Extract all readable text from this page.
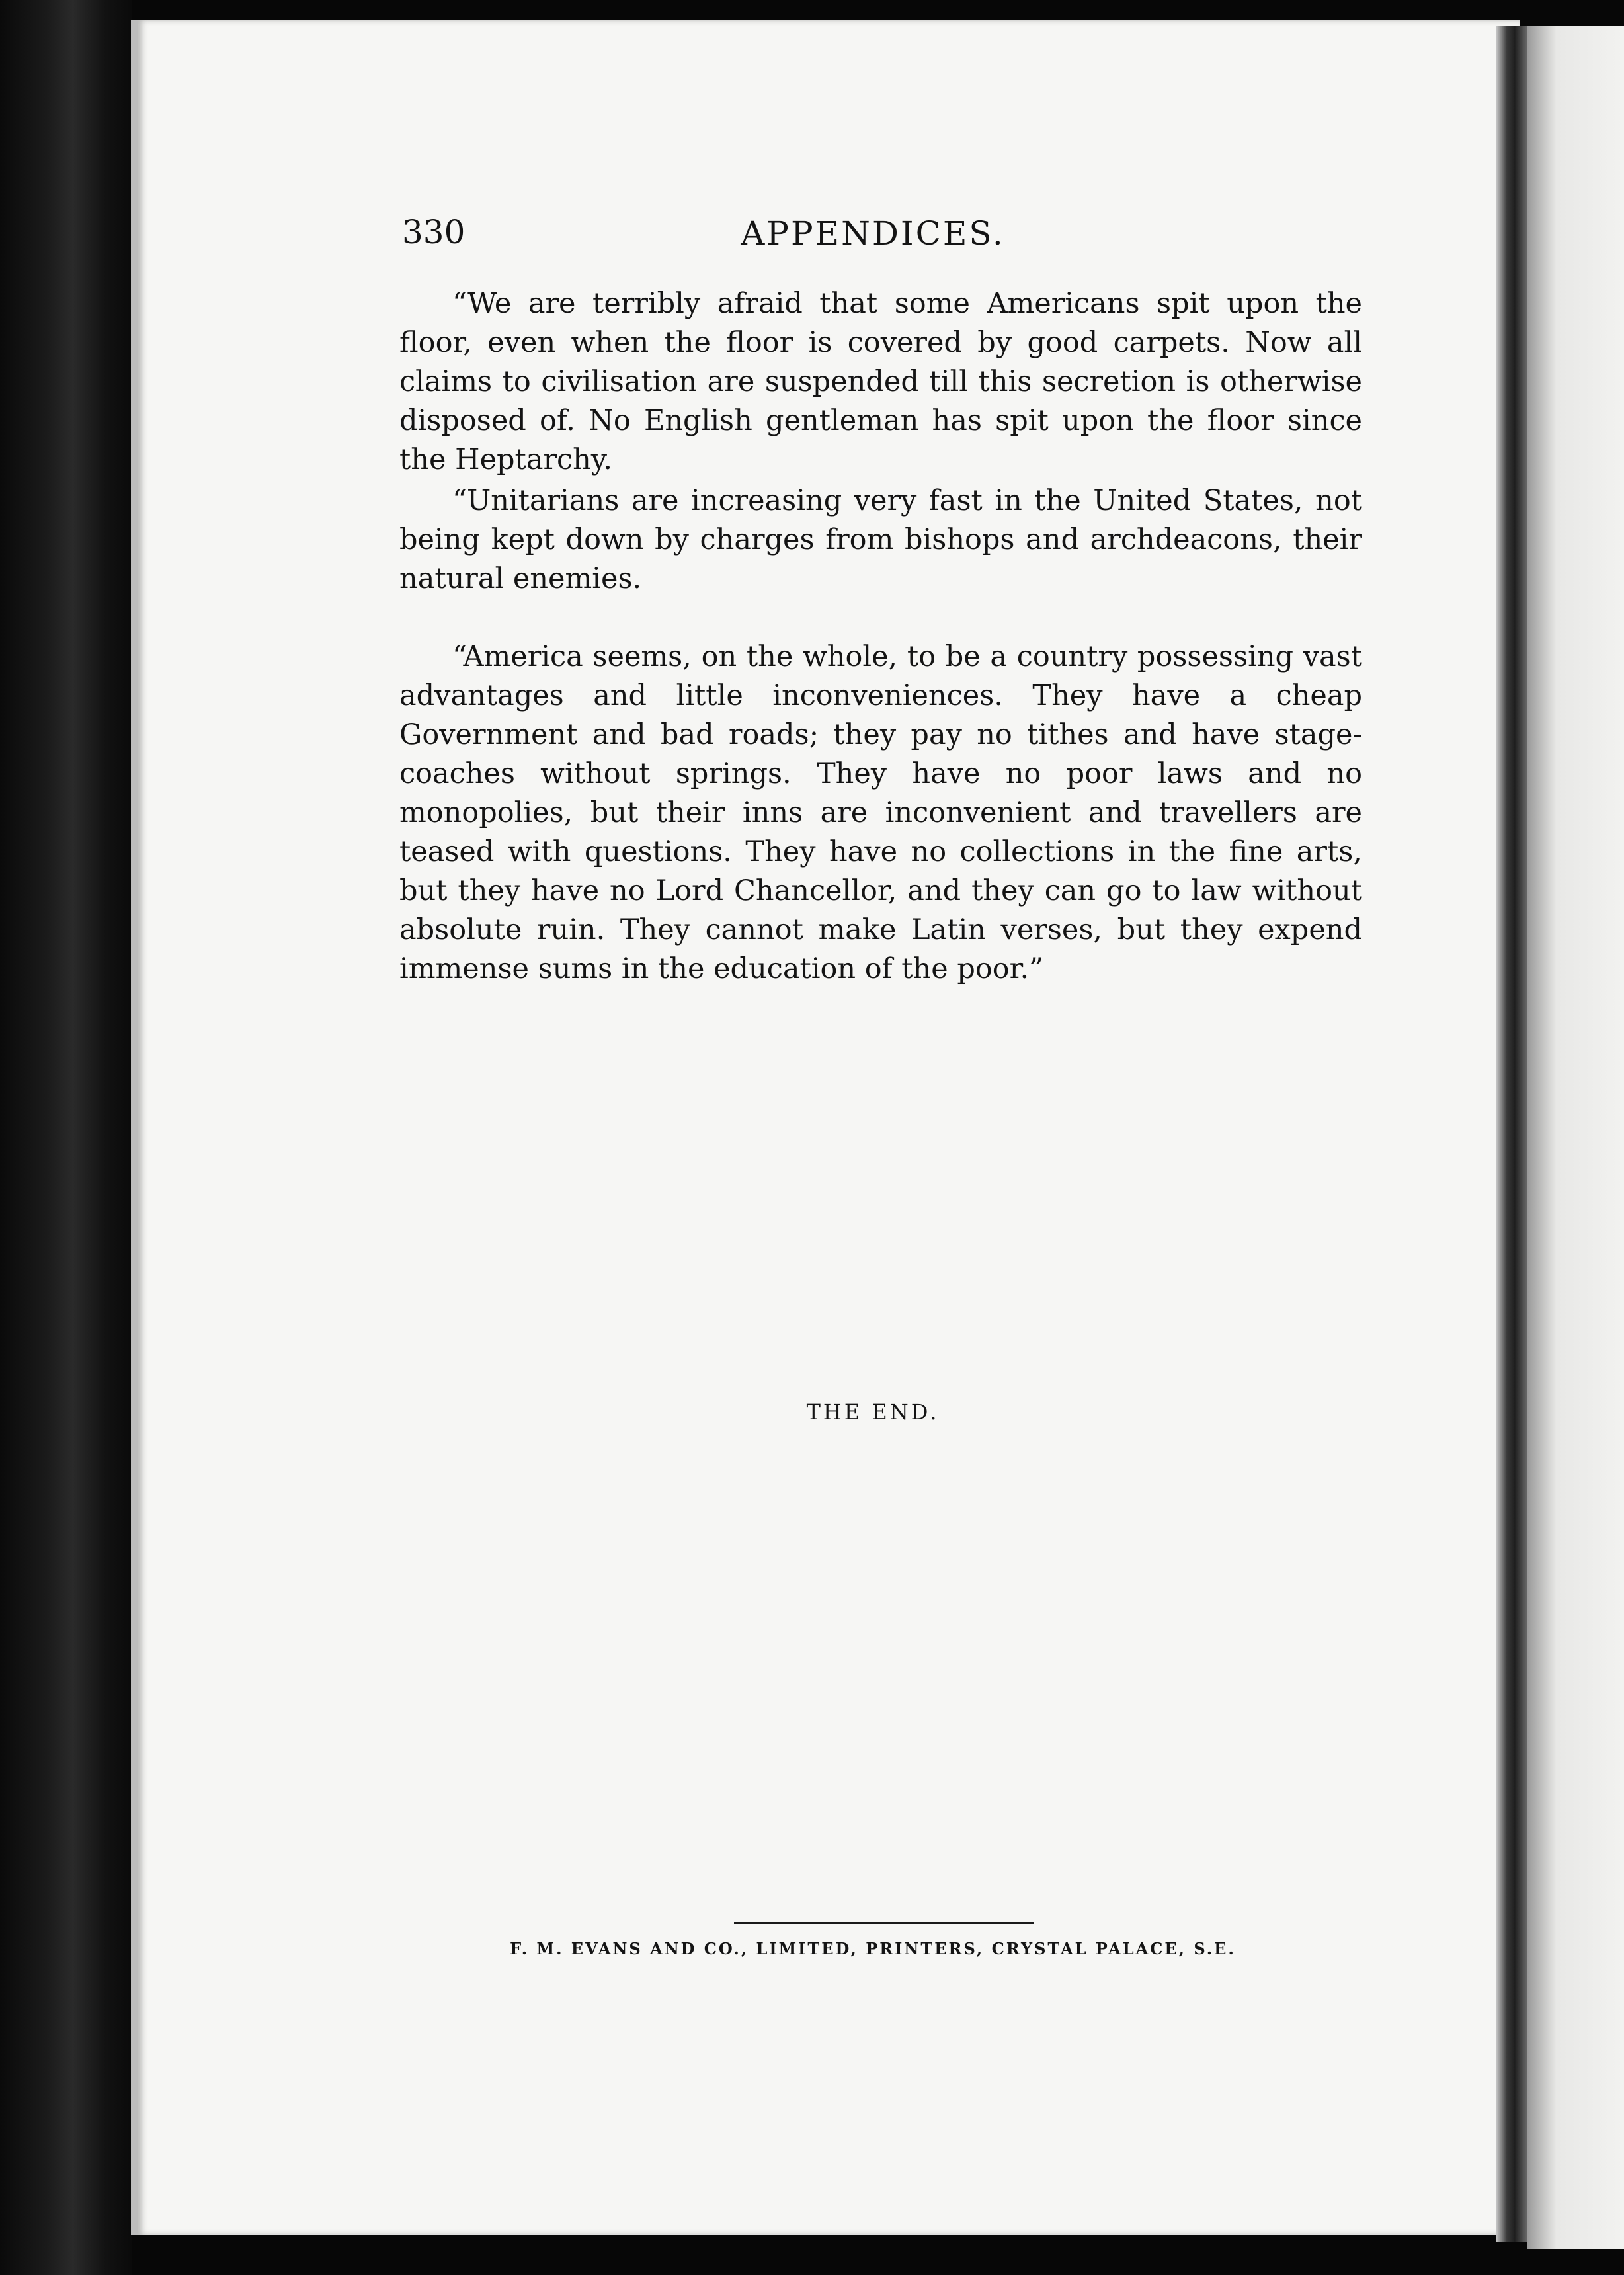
330	APPENDICES.

“We are terribly afraid that some Americans spit upon the floor, even when the floor is covered by good carpets. Now all claims to civilisation are suspended till this secretion is otherwise disposed of. No English gentleman has spit upon the floor since the Heptarchy.

“Unitarians are increasing very fast in the United States, not being kept down by charges from bishops and archdeacons, their natural enemies.

“America seems, on the whole, to be a country possessing vast advantages and little inconveniences. They have a cheap Government and bad roads; they pay no tithes and have stage-coaches without springs. They have no poor laws and no monopolies, but their inns are inconvenient and travellers are teased with questions. They have no collections in the fine arts, but they have no Lord Chancellor, and they can go to law without absolute ruin. They cannot make Latin verses, but they expend immense sums in the education of the poor.”

THE END.
F. M. EVANS AND CO., LIMITED, PRINTERS, CRYSTAL PALACE, S.E.
